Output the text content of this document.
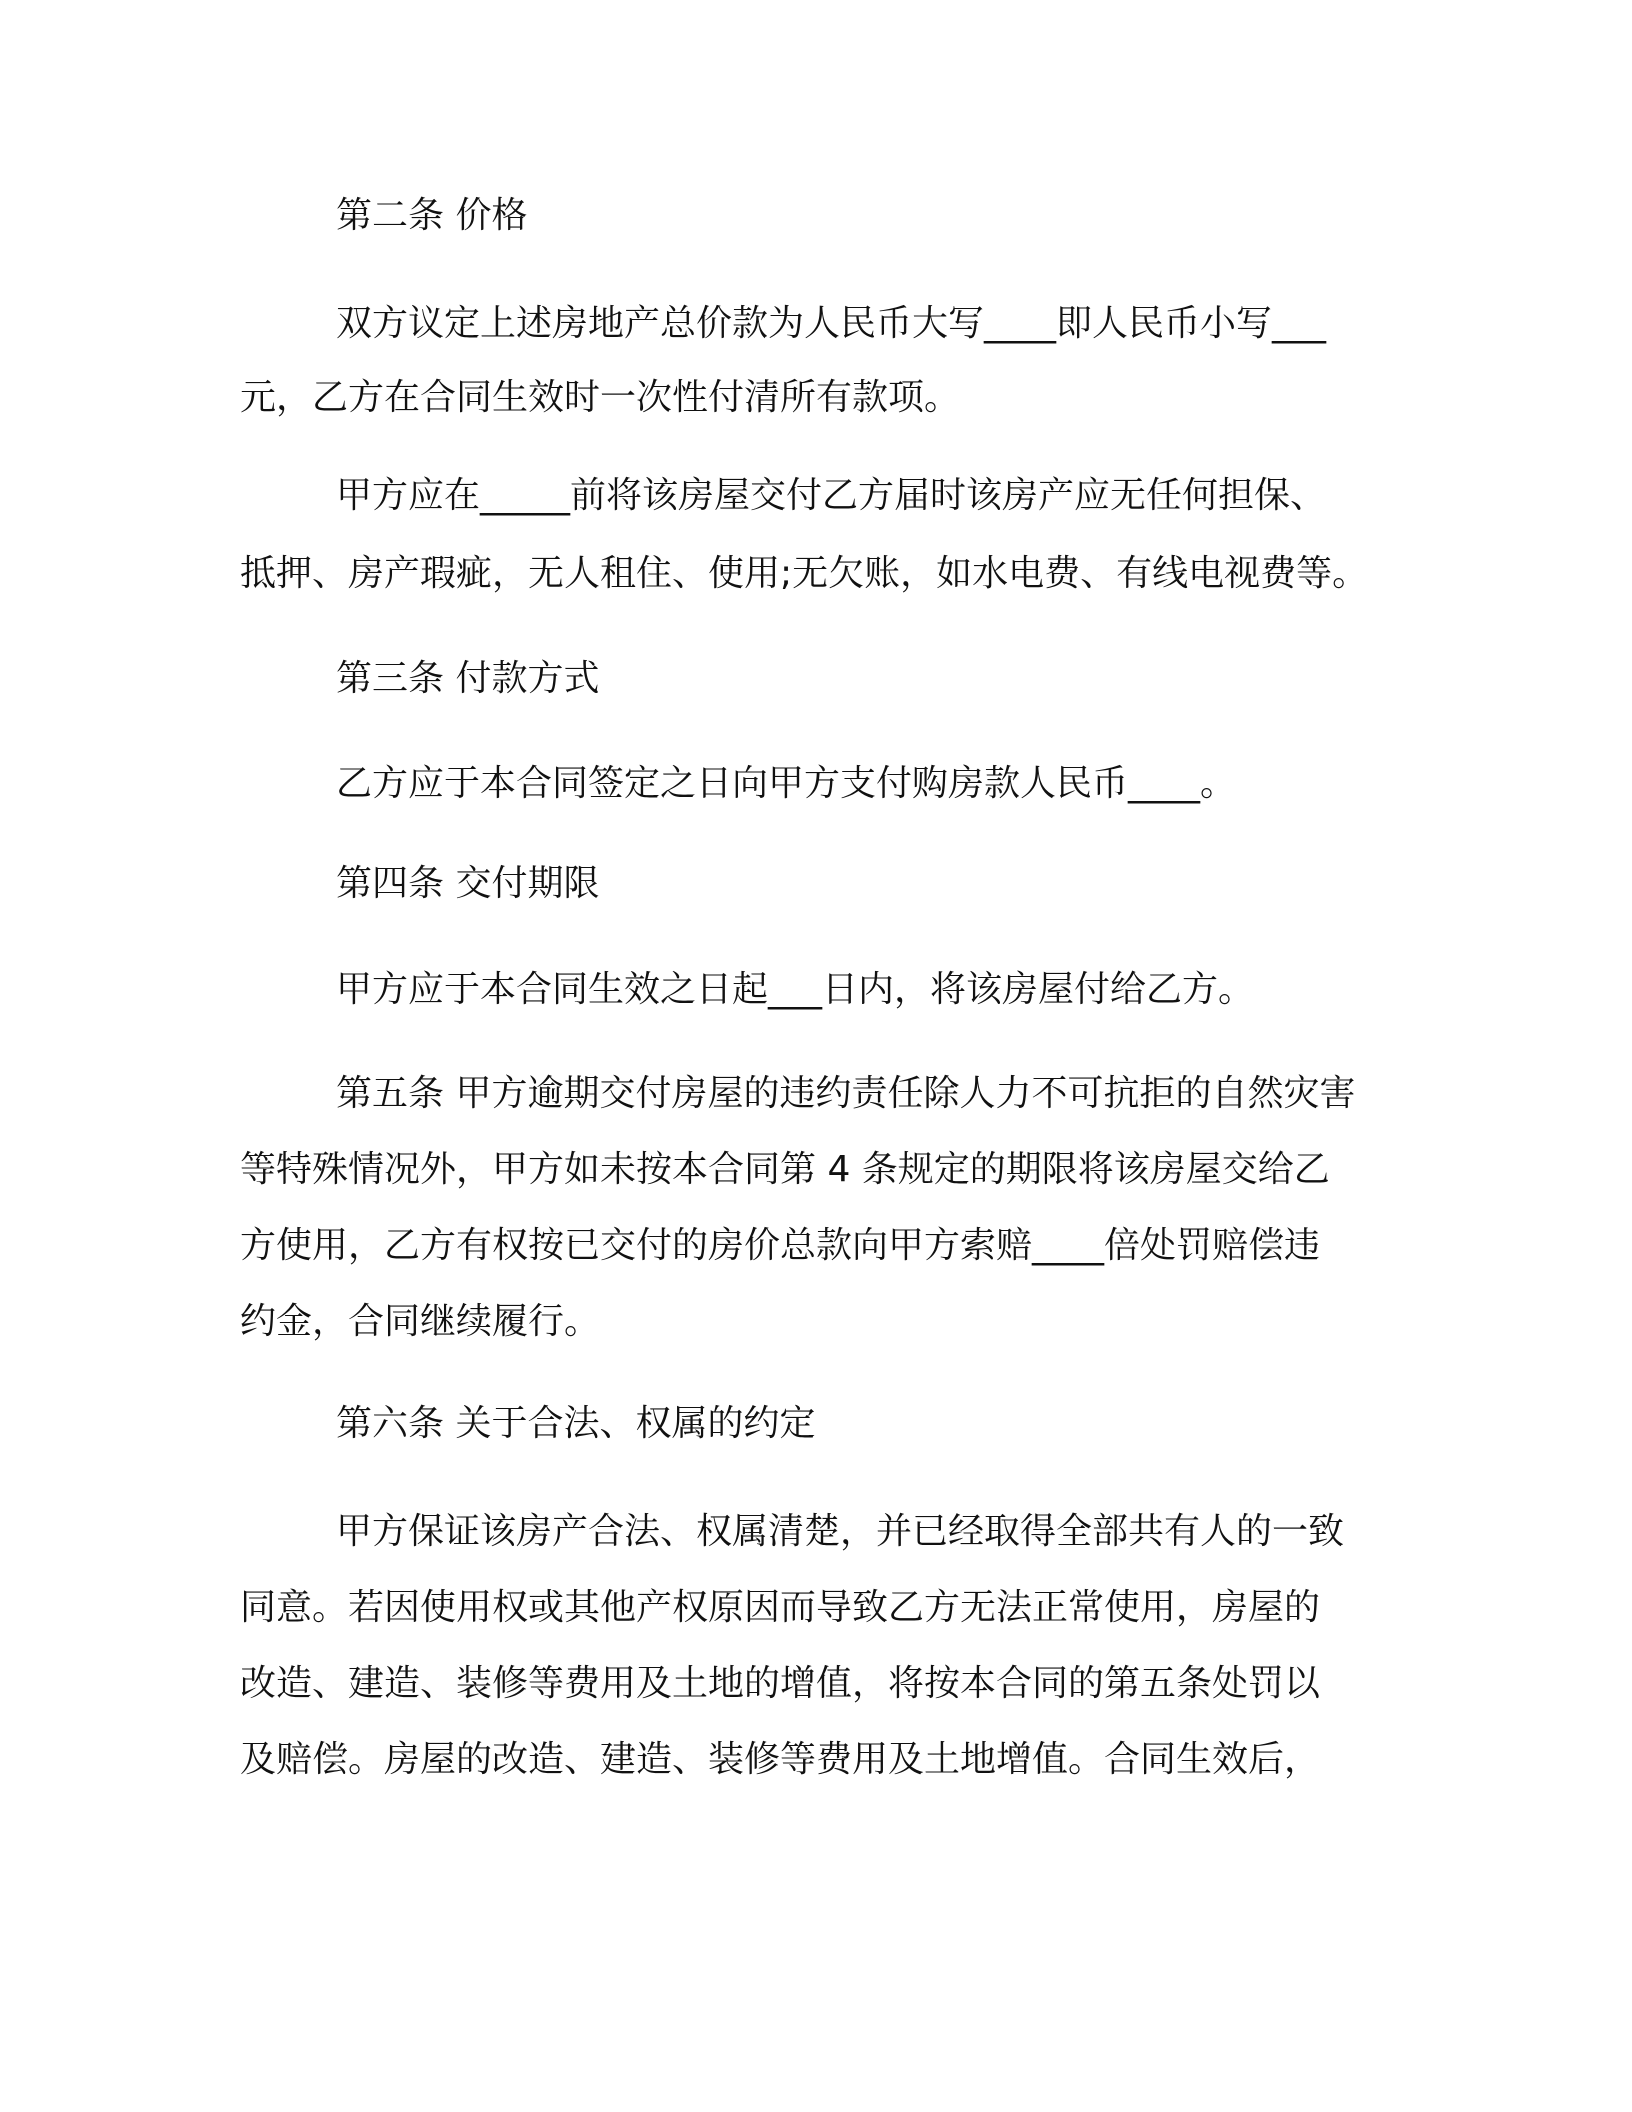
第二条 价格
双方议定上述房地产总价款为人民币大写____即人民币小写___
元，乙方在合同生效时一次性付清所有款项。
甲方应在_____前将该房屋交付乙方届时该房产应无任何担保、
抵押、房产瑕疵，无人租住、使用;无欠账，如水电费、有线电视费等。
第三条 付款方式
乙方应于本合同签定之日向甲方支付购房款人民币____。
第四条 交付期限
甲方应于本合同生效之日起___日内，将该房屋付给乙方。
第五条 甲方逾期交付房屋的违约责任除人力不可抗拒的自然灾害
等特殊情况外，甲方如未按本合同第 4 条规定的期限将该房屋交给乙
方使用，乙方有权按已交付的房价总款向甲方索赔____倍处罚赔偿违
约金，合同继续履行。
第六条 关于合法、权属的约定
甲方保证该房产合法、权属清楚，并已经取得全部共有人的一致
同意。若因使用权或其他产权原因而导致乙方无法正常使用，房屋的
改造、建造、装修等费用及土地的增值，将按本合同的第五条处罚以
及赔偿。房屋的改造、建造、装修等费用及土地增值。合同生效后，
